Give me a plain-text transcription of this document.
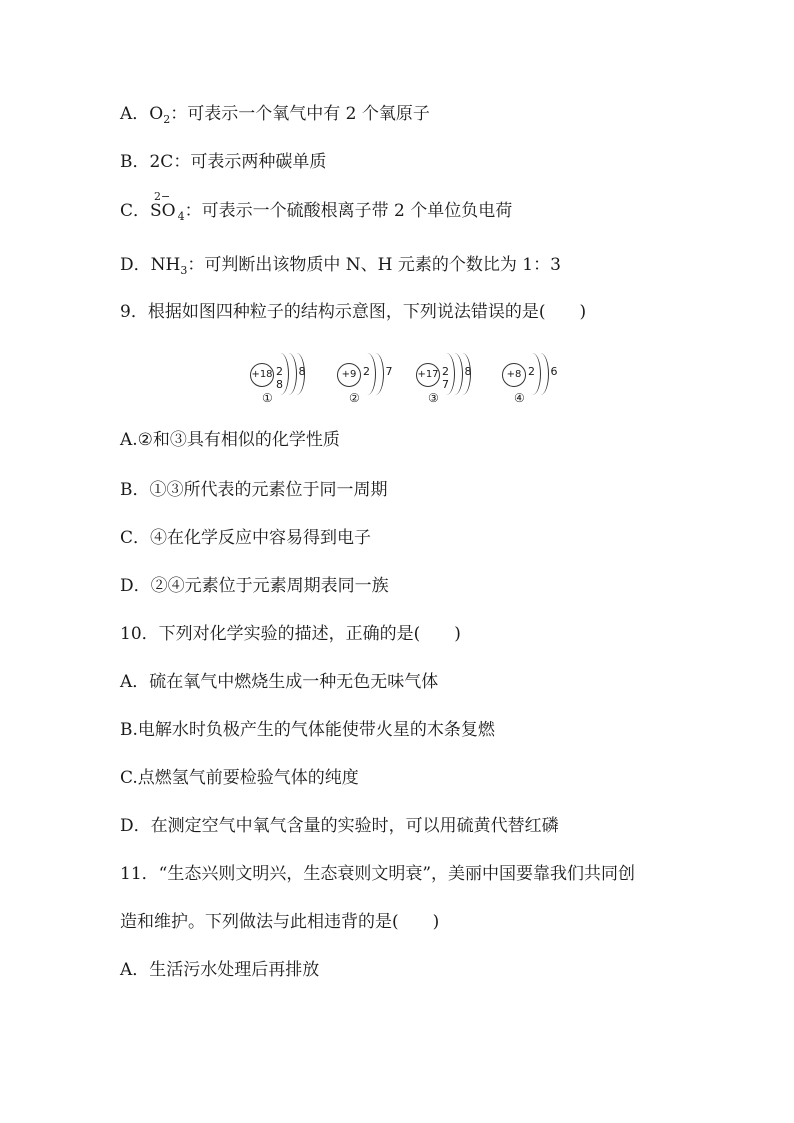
A．$O_2$：可表示一个氧气中有 2 个氧原子
B．2C：可表示两种碳单质
C．SO
2−
$_4$：可表示一个硫酸根离子带 2 个单位负电荷
D．$NH_3$：可判断出该物质中 N、H 元素的个数比为 1：3
9．根据如图四种粒子的结构示意图，下列说法错误的是(　　)
+18 2 8 8
①
+9 2 7
②
+17 2 8 7
③
+8 2 6
④
A.②和③具有相似的化学性质
B．①③所代表的元素位于同一周期
C．④在化学反应中容易得到电子
D．②④元素位于元素周期表同一族
10．下列对化学实验的描述，正确的是(　　)
A．硫在氧气中燃烧生成一种无色无味气体
B.电解水时负极产生的气体能使带火星的木条复燃
C.点燃氢气前要检验气体的纯度
D．在测定空气中氧气含量的实验时，可以用硫黄代替红磷
11．“生态兴则文明兴，生态衰则文明衰”，美丽中国要靠我们共同创
造和维护。下列做法与此相违背的是(　　)
A．生活污水处理后再排放
